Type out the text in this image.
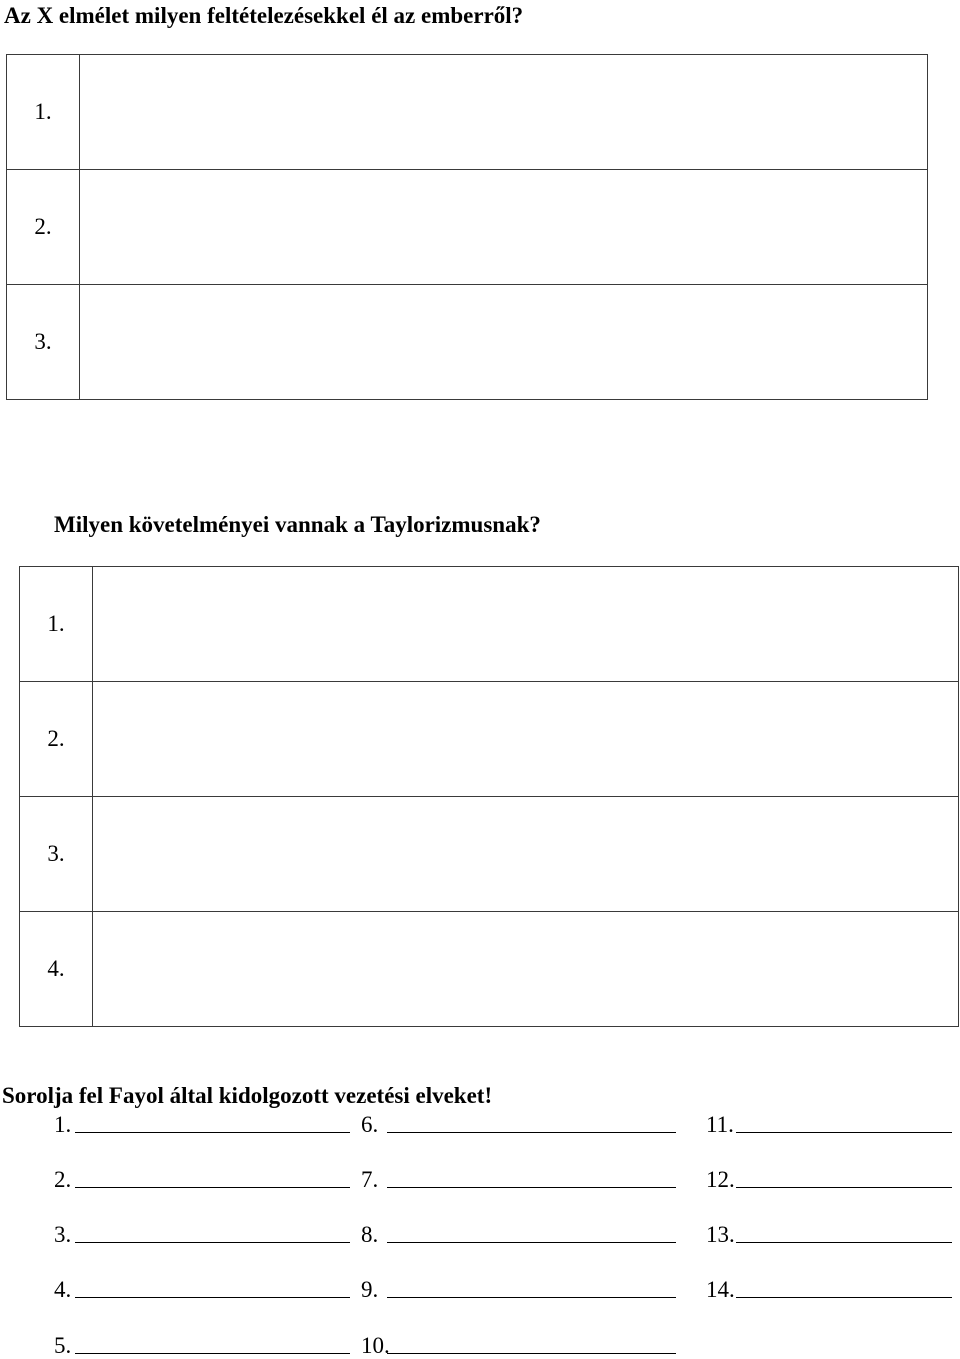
Az X elmélet milyen feltételezésekkel él az emberről?
1.	
2.	
3.	
Milyen követelményei vannak a Taylorizmusnak?
1.	
2.	
3.	
4.	
Sorolja fel Fayol által kidolgozott vezetési elveket!
1.
2.
3.
4.
5.
6.
7.
8.
9.
10.
11.
12.
13.
14.
